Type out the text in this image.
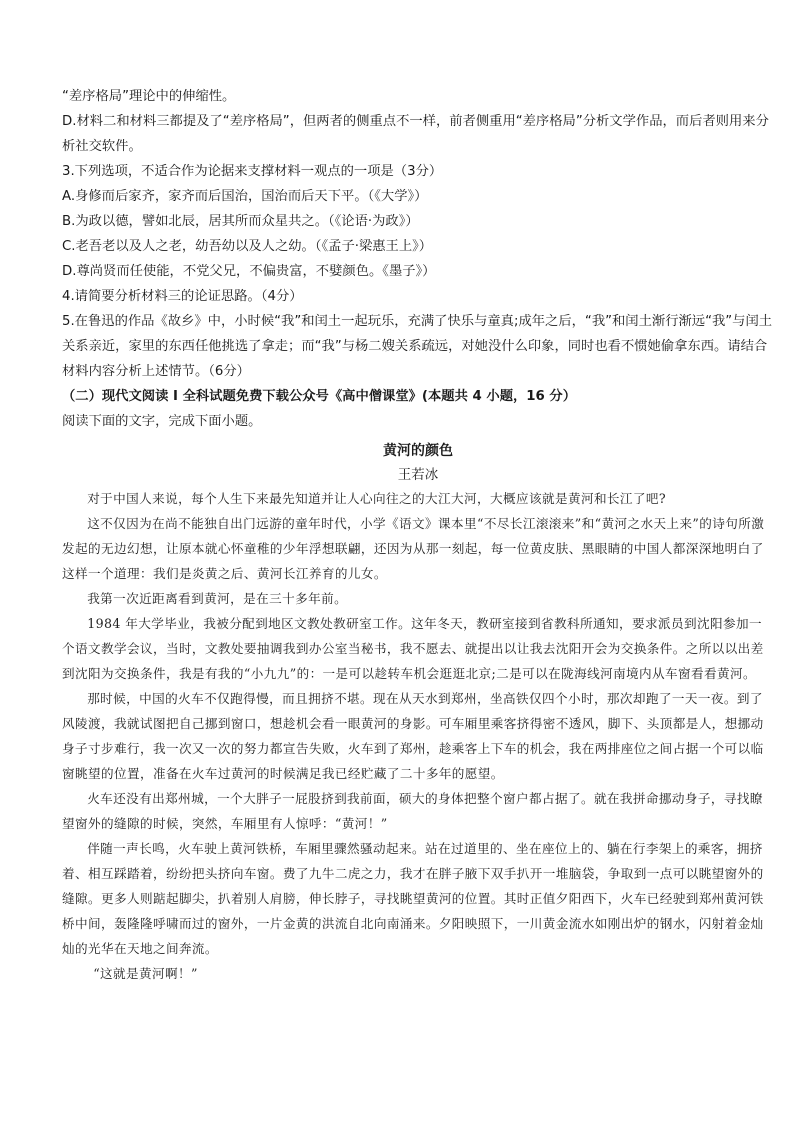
“差序格局”理论中的伸缩性。
D.材料二和材料三都提及了“差序格局”，但两者的侧重点不一样，前者侧重用“差序格局”分析文学作品，而后者则用来分析社交软件。
3.下列选项，不适合作为论据来支撑材料一观点的一项是（3分）
A.身修而后家齐，家齐而后国治，国治而后天下平。（《大学》）
B.为政以德，譬如北辰，居其所而众星共之。（《论语·为政》）
C.老吾老以及人之老，幼吾幼以及人之幼。（《孟子·梁惠王上》）
D.尊尚贤而任使能，不党父兄，不偏贵富，不嬖颜色。《墨子》）
4.请简要分析材料三的论证思路。（4分）
5.在鲁迅的作品《故乡》中，小时候“我”和闰土一起玩乐，充满了快乐与童真;成年之后，“我”和闰土渐行渐远“我”与闰土关系亲近，家里的东西任他挑选了拿走；而“我”与杨二嫂关系疏远，对她没什么印象，同时也看不惯她偷拿东西。请结合材料内容分析上述情节。（6分）
（二）现代文阅读 I 全科试题免费下载公众号《高中僧课堂》(本题共 4 小题，16 分）
阅读下面的文字，完成下面小题。
黄河的颜色
王若冰
对于中国人来说，每个人生下来最先知道并让人心向往之的大江大河，大概应该就是黄河和长江了吧?
这不仅因为在尚不能独自出门远游的童年时代，小学《语文》课本里“不尽长江滚滚来”和“黄河之水天上来”的诗句所激发起的无边幻想，让原本就心怀童稚的少年浮想联翩，还因为从那一刻起，每一位黄皮肤、黑眼睛的中国人都深深地明白了这样一个道理：我们是炎黄之后、黄河长江养育的儿女。
我第一次近距离看到黄河，是在三十多年前。
1984 年大学毕业，我被分配到地区文教处教研室工作。这年冬天，教研室接到省教科所通知，要求派员到沈阳参加一个语文教学会议，当时，文教处要抽调我到办公室当秘书，我不愿去、就提出以让我去沈阳开会为交换条件。之所以以出差到沈阳为交换条件，我是有我的“小九九”的：一是可以趁转车机会逛逛北京;二是可以在陇海线河南境内从车窗看看黄河。
那时候，中国的火车不仅跑得慢，而且拥挤不堪。现在从天水到郑州，坐高铁仅四个小时，那次却跑了一天一夜。到了风陵渡，我就试图把自己挪到窗口，想趁机会看一眼黄河的身影。可车厢里乘客挤得密不透风，脚下、头顶都是人，想挪动身子寸步难行，我一次又一次的努力都宣告失败，火车到了郑州，趁乘客上下车的机会，我在两排座位之间占据一个可以临窗眺望的位置，准备在火车过黄河的时候满足我已经贮藏了二十多年的愿望。
火车还没有出郑州城，一个大胖子一屁股挤到我前面，硕大的身体把整个窗户都占据了。就在我拼命挪动身子，寻找瞭望窗外的缝隙的时候，突然，车厢里有人惊呼：“黄河！”
伴随一声长鸣，火车驶上黄河铁桥，车厢里骤然骚动起来。站在过道里的、坐在座位上的、躺在行李架上的乘客，拥挤着、相互踩踏着，纷纷把头挤向车窗。费了九牛二虎之力，我才在胖子腋下双手扒开一堆脑袋，争取到一点可以眺望窗外的缝隙。更多人则踮起脚尖，扒着别人肩膀，伸长脖子，寻找眺望黄河的位置。其时正值夕阳西下，火车已经驶到郑州黄河铁桥中间，轰隆隆呼啸而过的窗外，一片金黄的洪流自北向南涌来。夕阳映照下，一川黄金流水如刚出炉的钢水，闪射着金灿灿的光华在天地之间奔流。
“这就是黄河啊！”
